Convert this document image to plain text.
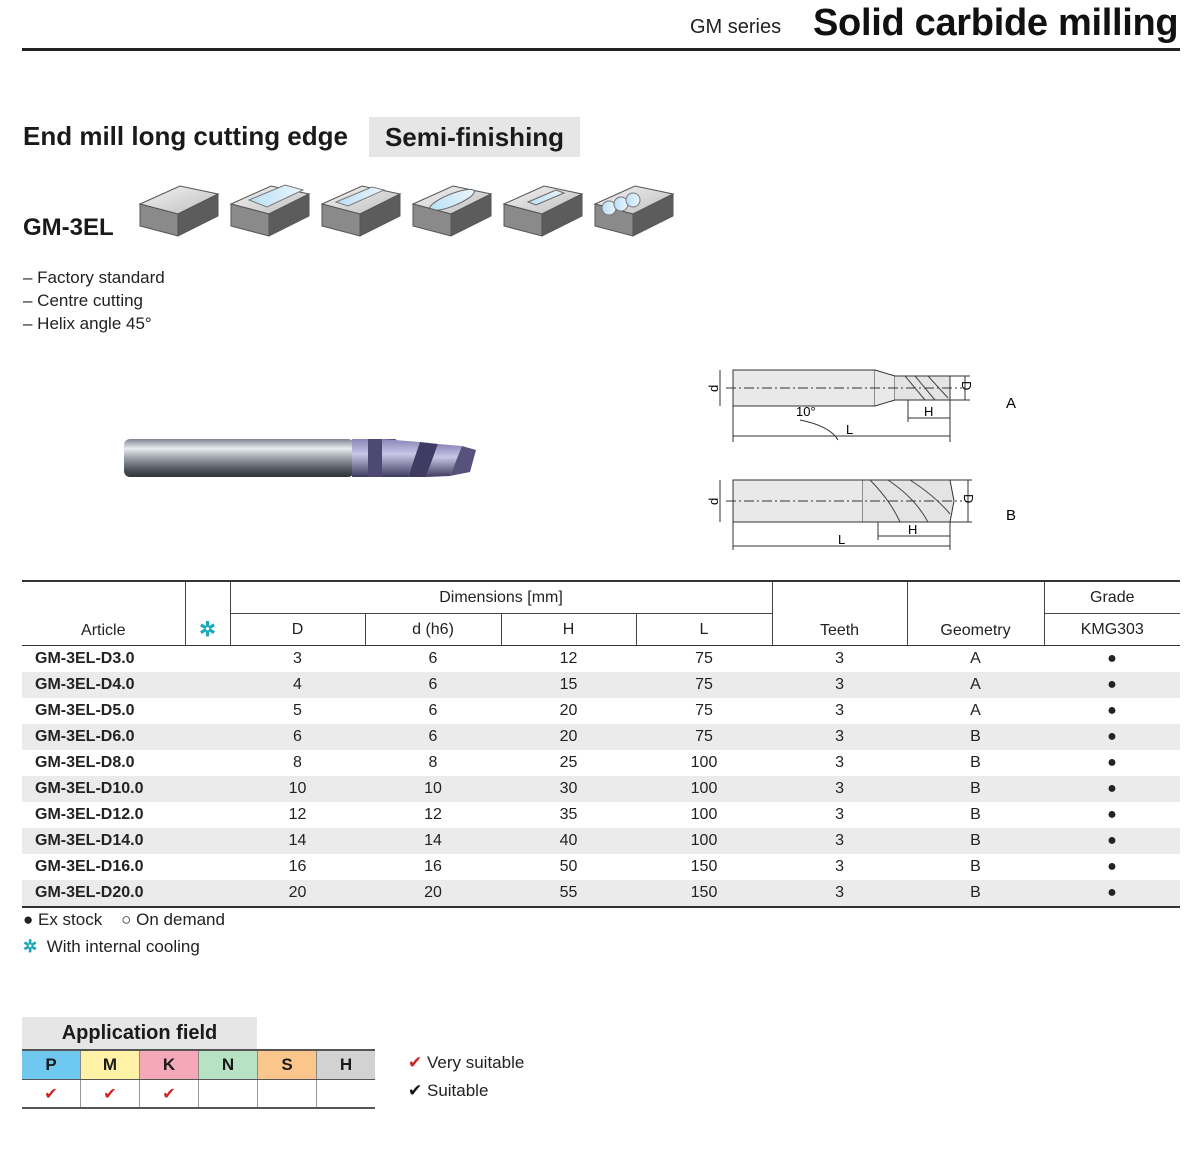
GM series Solid carbide milling
End mill long cutting edge	Semi-finishing
GM-3EL
– Factory standard
– Centre cutting
– Helix angle 45°
d	D
H
L
10°	A
d	D
H
L
B
Article	✲	Dimensions [mm]				Teeth	Geometry	Grade
		D	d (h6)	H	L			KMG303
GM-3EL-D3.0		3	6	12	75	3	A	●
GM-3EL-D4.0		4	6	15	75	3	A	●
GM-3EL-D5.0		5	6	20	75	3	A	●
GM-3EL-D6.0		6	6	20	75	3	B	●
GM-3EL-D8.0		8	8	25	100	3	B	●
GM-3EL-D10.0		10	10	30	100	3	B	●
GM-3EL-D12.0		12	12	35	100	3	B	●
GM-3EL-D14.0		14	14	40	100	3	B	●
GM-3EL-D16.0		16	16	50	150	3	B	●
GM-3EL-D20.0		20	20	55	150	3	B	●
● Ex stock ○ On demand
✲ With internal cooling
Application field
P	M	K	N	S	H
✔	✔	✔			
✔ Very suitable
✔ Suitable
